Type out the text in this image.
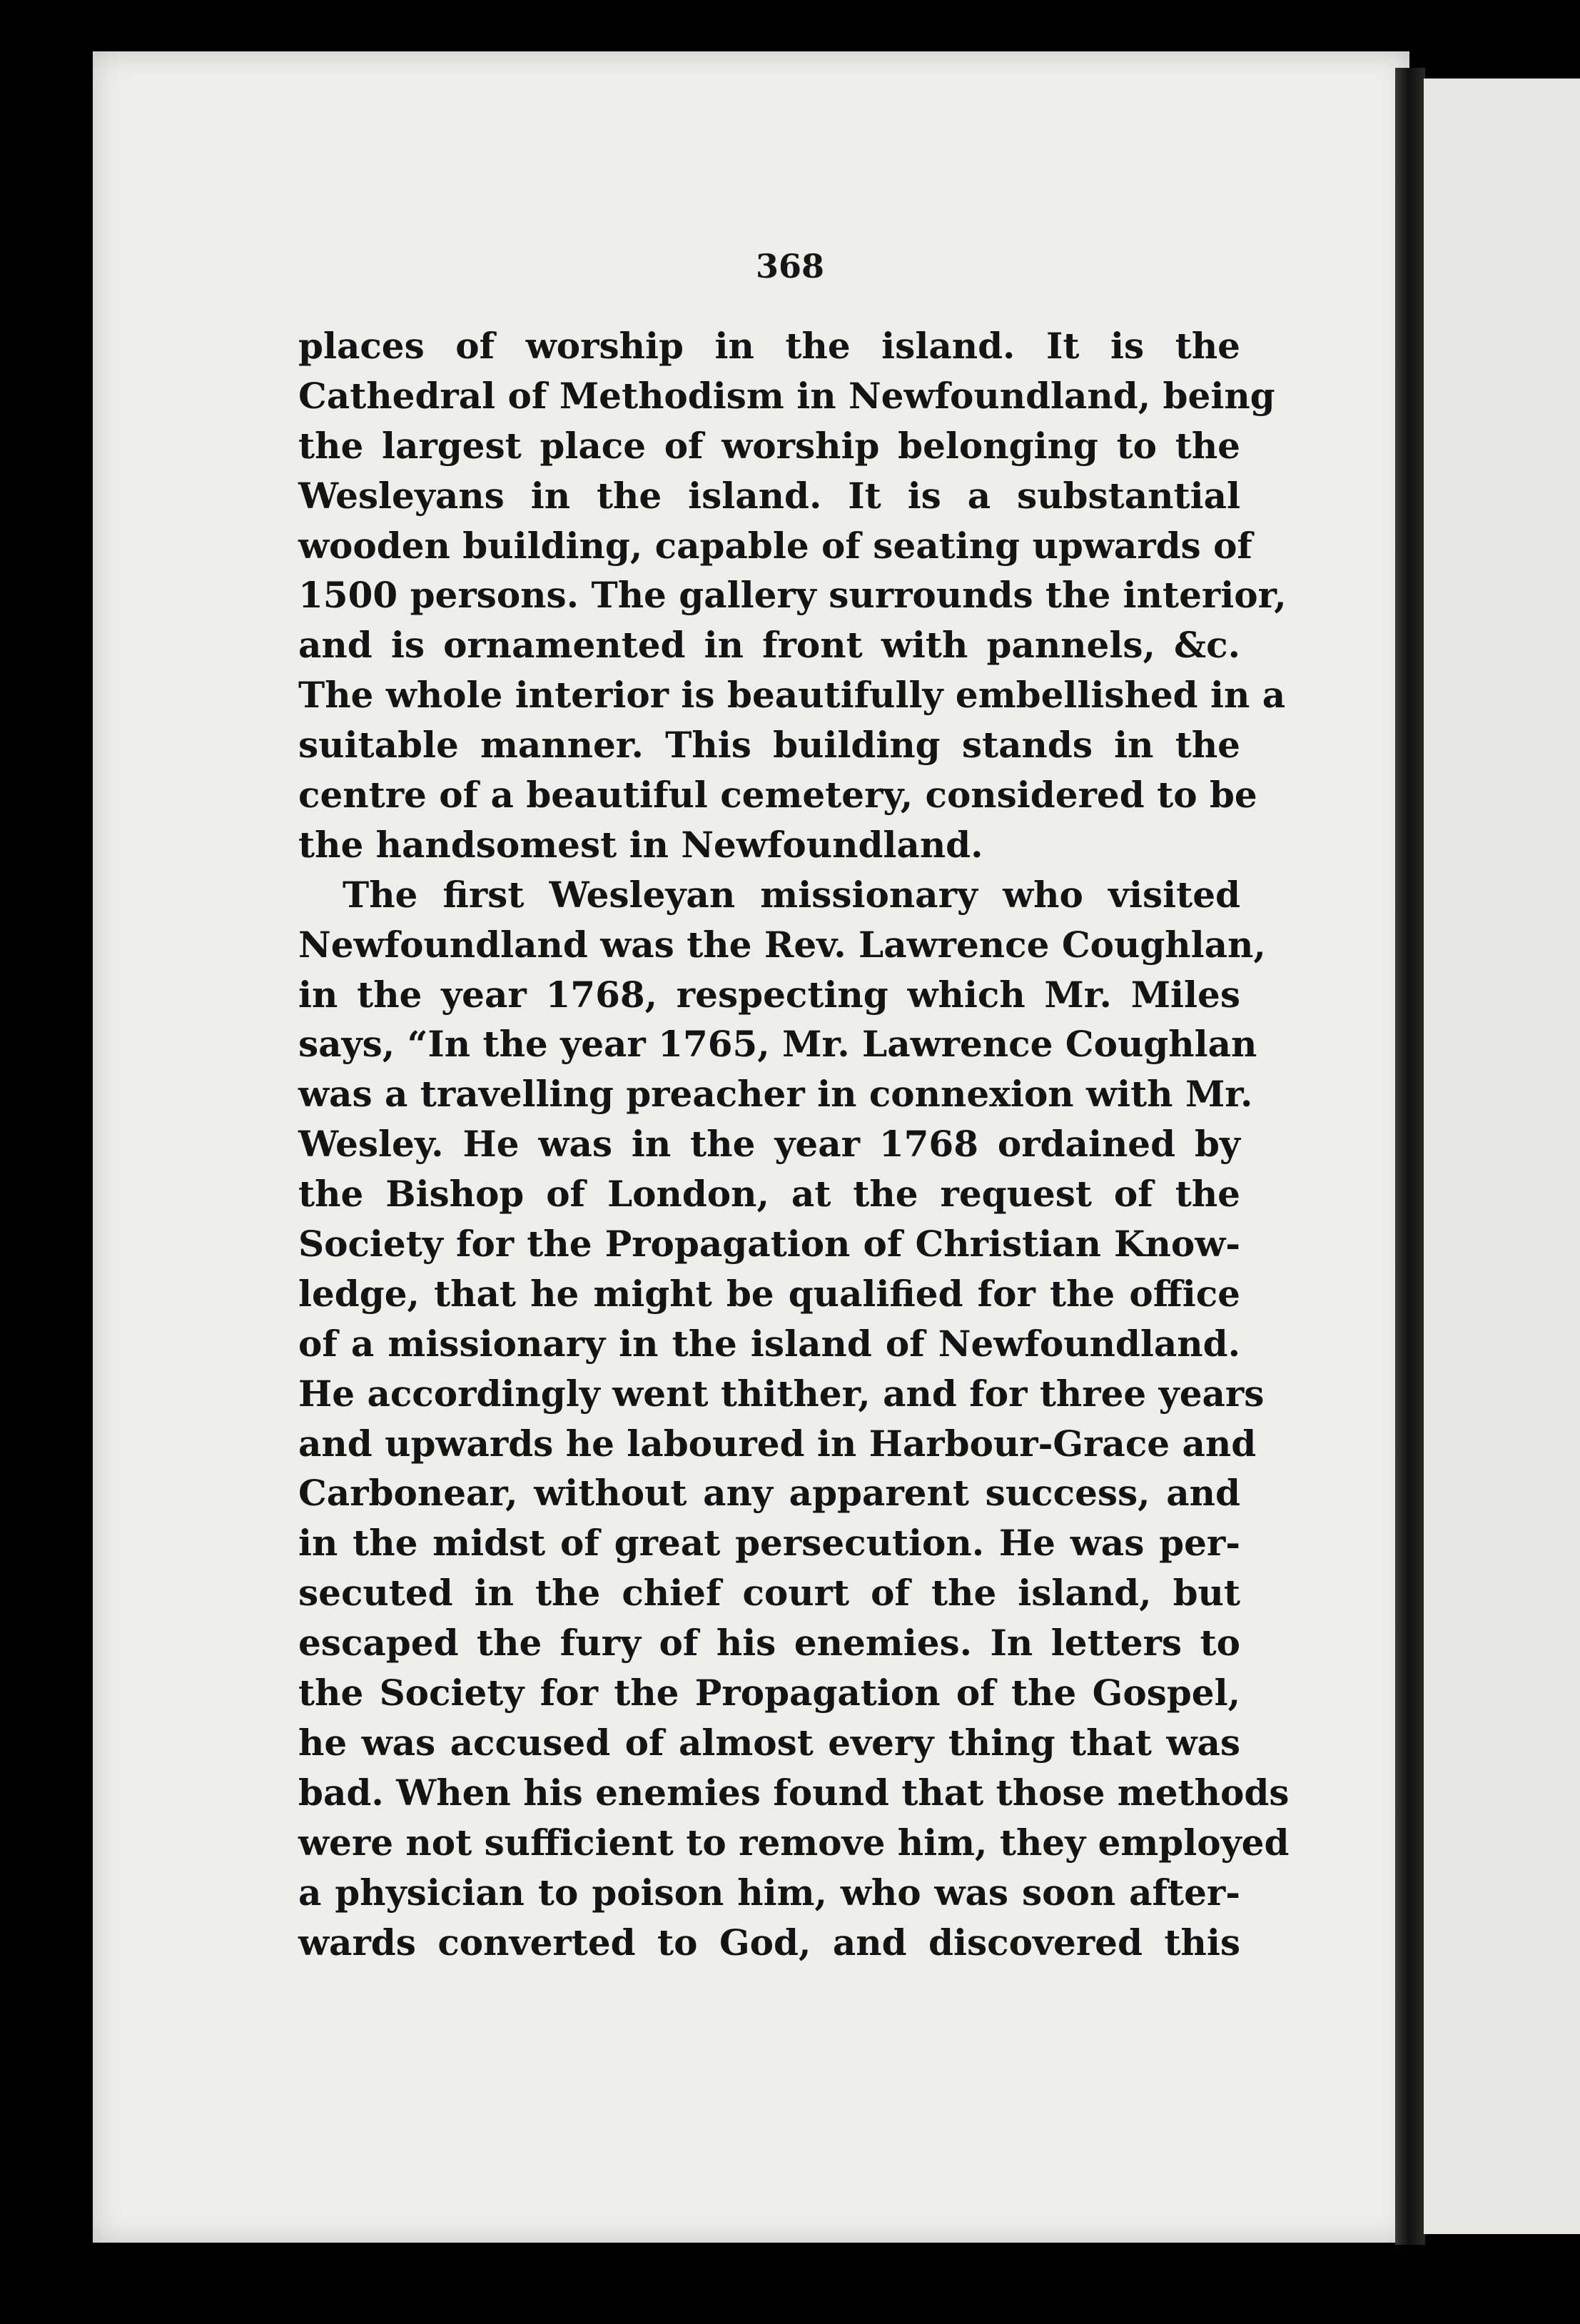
368
places of worship in the island. It is the
Cathedral of Methodism in Newfoundland, being
the largest place of worship belonging to the
Wesleyans in the island. It is a substantial
wooden building, capable of seating upwards of
1500 persons. The gallery surrounds the interior,
and is ornamented in front with pannels, &c.
The whole interior is beautifully embellished in a
suitable manner. This building stands in the
centre of a beautiful cemetery, considered to be
the handsomest in Newfoundland.
The first Wesleyan missionary who visited
Newfoundland was the Rev. Lawrence Coughlan,
in the year 1768, respecting which Mr. Miles
says, “In the year 1765, Mr. Lawrence Coughlan
was a travelling preacher in connexion with Mr.
Wesley. He was in the year 1768 ordained by
the Bishop of London, at the request of the
Society for the Propagation of Christian Know-
ledge, that he might be qualified for the office
of a missionary in the island of Newfoundland.
He accordingly went thither, and for three years
and upwards he laboured in Harbour-Grace and
Carbonear, without any apparent success, and
in the midst of great persecution. He was per-
secuted in the chief court of the island, but
escaped the fury of his enemies. In letters to
the Society for the Propagation of the Gospel,
he was accused of almost every thing that was
bad. When his enemies found that those methods
were not sufficient to remove him, they employed
a physician to poison him, who was soon after-
wards converted to God, and discovered this
